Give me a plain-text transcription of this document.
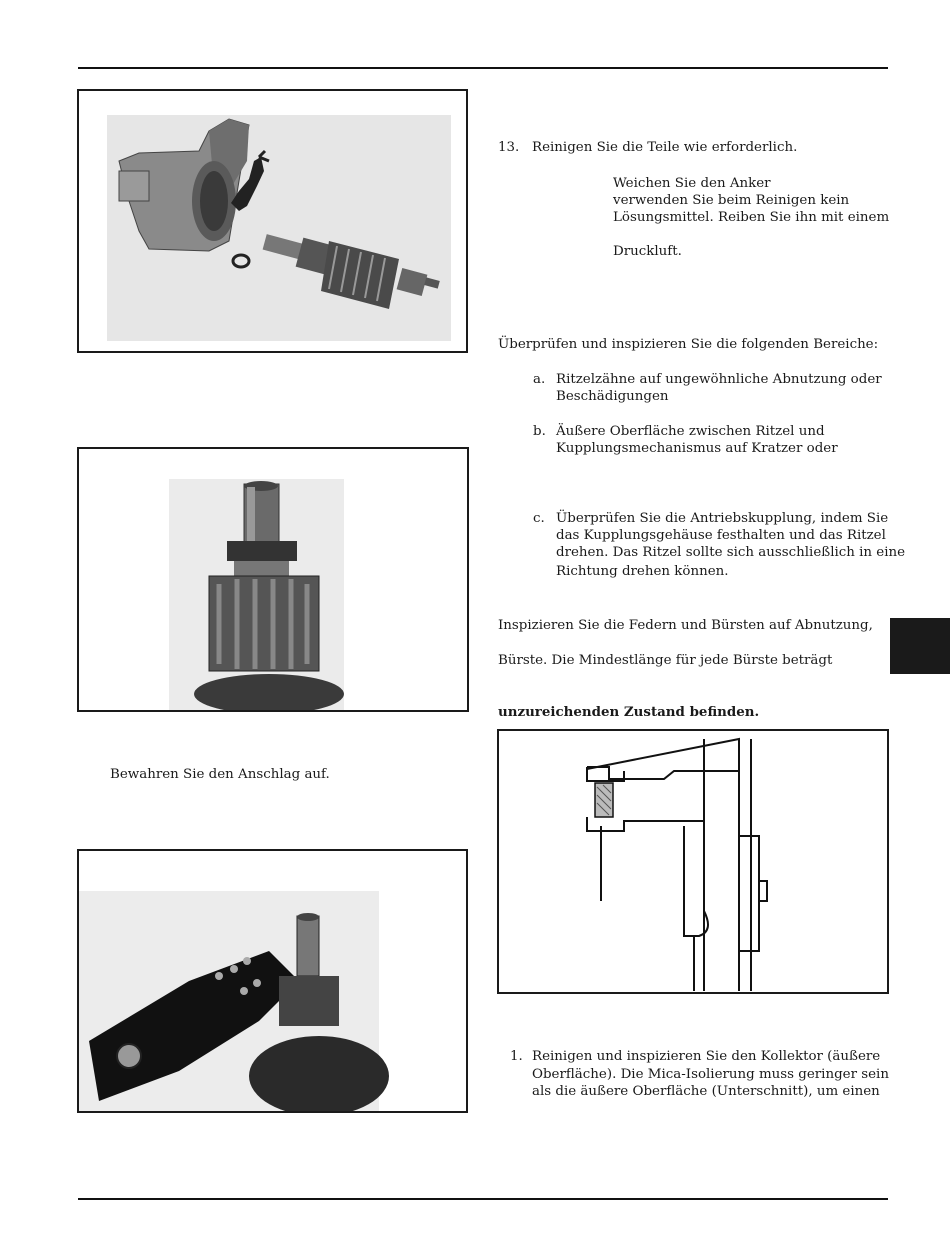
13. Reinigen Sie die Teile wie erforderlich.
Weichen Sie den Anker
verwenden Sie beim Reinigen kein
Lösungsmittel. Reiben Sie ihn mit einem
Druckluft.
Überprüfen und inspizieren Sie die folgenden Bereiche:
a. Ritzelzähne auf ungewöhnliche Abnutzung oder
Beschädigungen
b. Äußere Oberfläche zwischen Ritzel und
Kupplungsmechanismus auf Kratzer oder
c. Überprüfen Sie die Antriebskupplung, indem Sie
das Kupplungsgehäuse festhalten und das Ritzel
drehen. Das Ritzel sollte sich ausschließlich in eine
Richtung drehen können.
Inspizieren Sie die Federn und Bürsten auf Abnutzung,
Bürste. Die Mindestlänge für jede Bürste beträgt
unzureichenden Zustand befinden.
Bewahren Sie den Anschlag auf.
1. Reinigen und inspizieren Sie den Kollektor (äußere
Oberfläche). Die Mica-Isolierung muss geringer sein
als die äußere Oberfläche (Unterschnitt), um einen
